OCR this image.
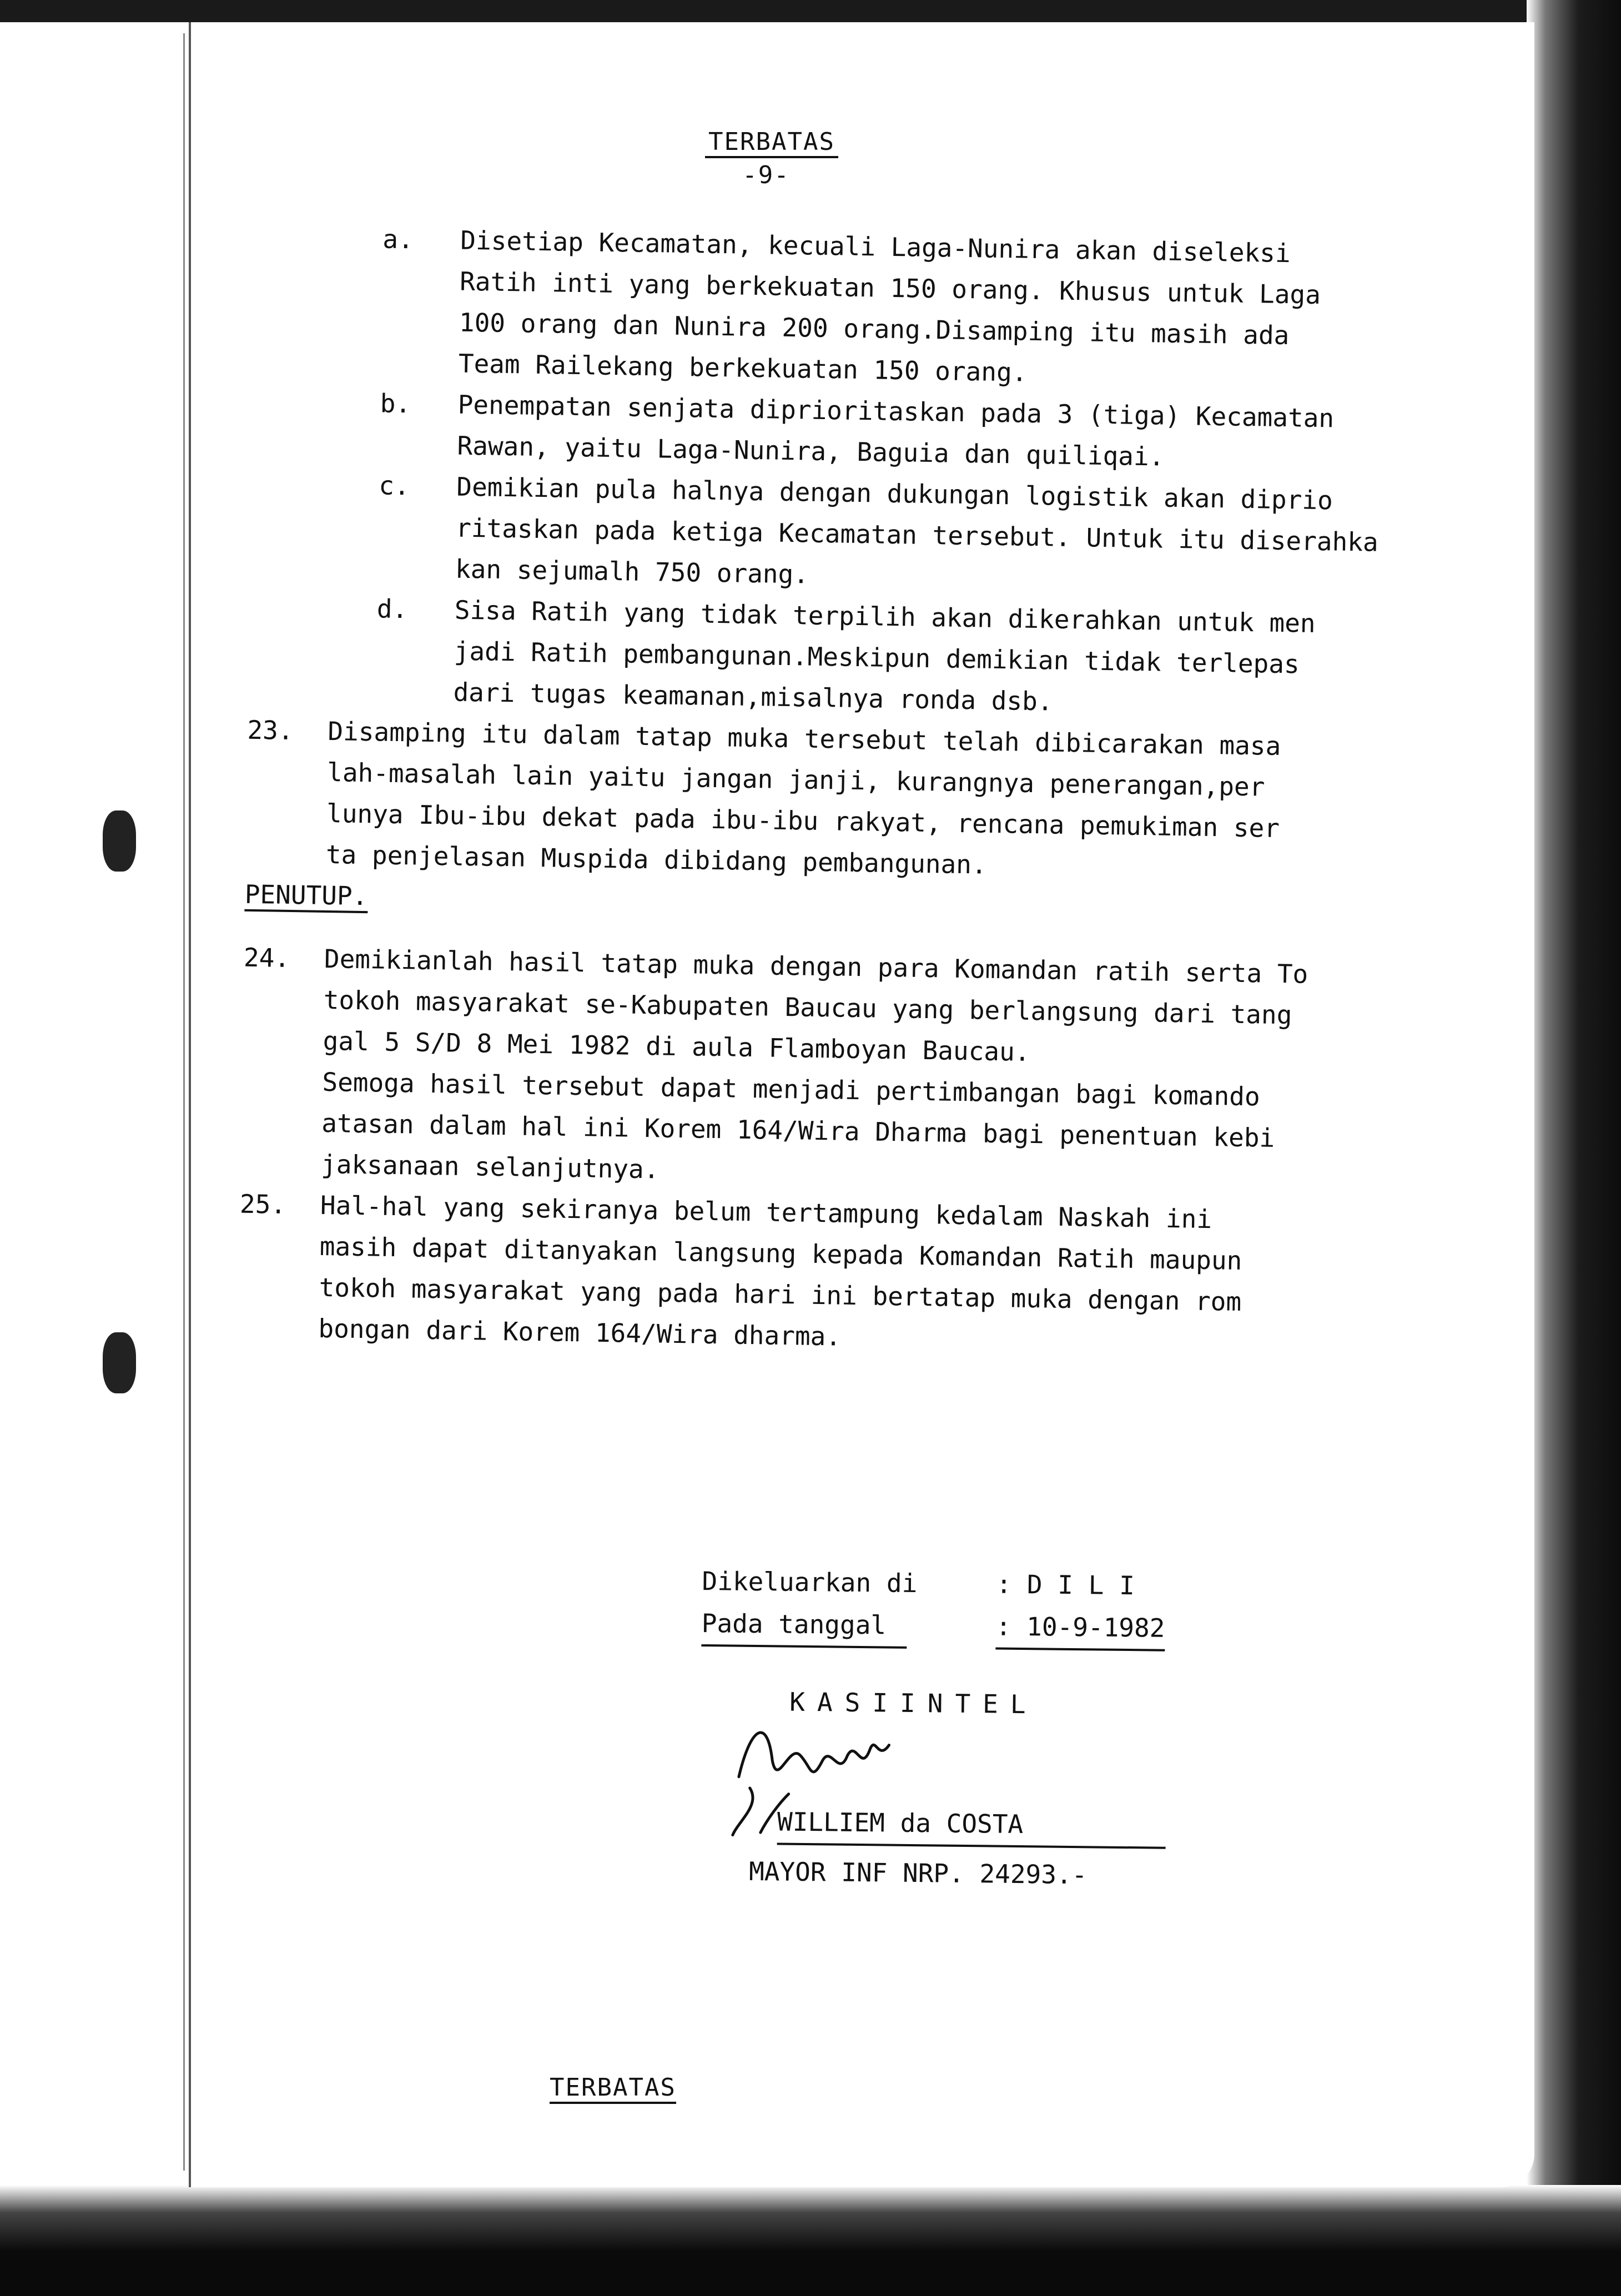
TERBATAS
-9-
a. Disetiap Kecamatan, kecuali Laga-Nunira akan diseleksi

Ratih inti yang berkekuatan 150 orang. Khusus untuk Laga

100 orang dan Nunira 200 orang.Disamping itu masih ada

Team Railekang berkekuatan 150 orang.

b. Penempatan senjata diprioritaskan pada 3 (tiga) Kecamatan

Rawan, yaitu Laga-Nunira, Baguia dan quiliqai.

c. Demikian pula halnya dengan dukungan logistik akan diprio

ritaskan pada ketiga Kecamatan tersebut. Untuk itu diserahka

kan sejumalh 750 orang.

d. Sisa Ratih yang tidak terpilih akan dikerahkan untuk men

jadi Ratih pembangunan.Meskipun demikian tidak terlepas

dari tugas keamanan,misalnya ronda dsb.

23. Disamping itu dalam tatap muka tersebut telah dibicarakan masa

lah-masalah lain yaitu jangan janji, kurangnya penerangan,per

lunya Ibu-ibu dekat pada ibu-ibu rakyat, rencana pemukiman ser

ta penjelasan Muspida dibidang pembangunan.

PENUTUP.

24. Demikianlah hasil tatap muka dengan para Komandan ratih serta To

tokoh masyarakat se-Kabupaten Baucau yang berlangsung dari tang

gal 5 S/D 8 Mei 1982 di aula Flamboyan Baucau.

Semoga hasil tersebut dapat menjadi pertimbangan bagi komando

atasan dalam hal ini Korem 164/Wira Dharma bagi penentuan kebi

jaksanaan selanjutnya.

25. Hal-hal yang sekiranya belum tertampung kedalam Naskah ini

masih dapat ditanyakan langsung kepada Komandan Ratih maupun

tokoh masyarakat yang pada hari ini bertatap muka dengan rom

bongan dari Korem 164/Wira dharma.

Dikeluarkan di	: D I L I
Pada tanggal	: 10-9-1982
KASIINTEL
WILLIEM da COSTA
MAYOR INF NRP. 24293.-
TERBATAS
